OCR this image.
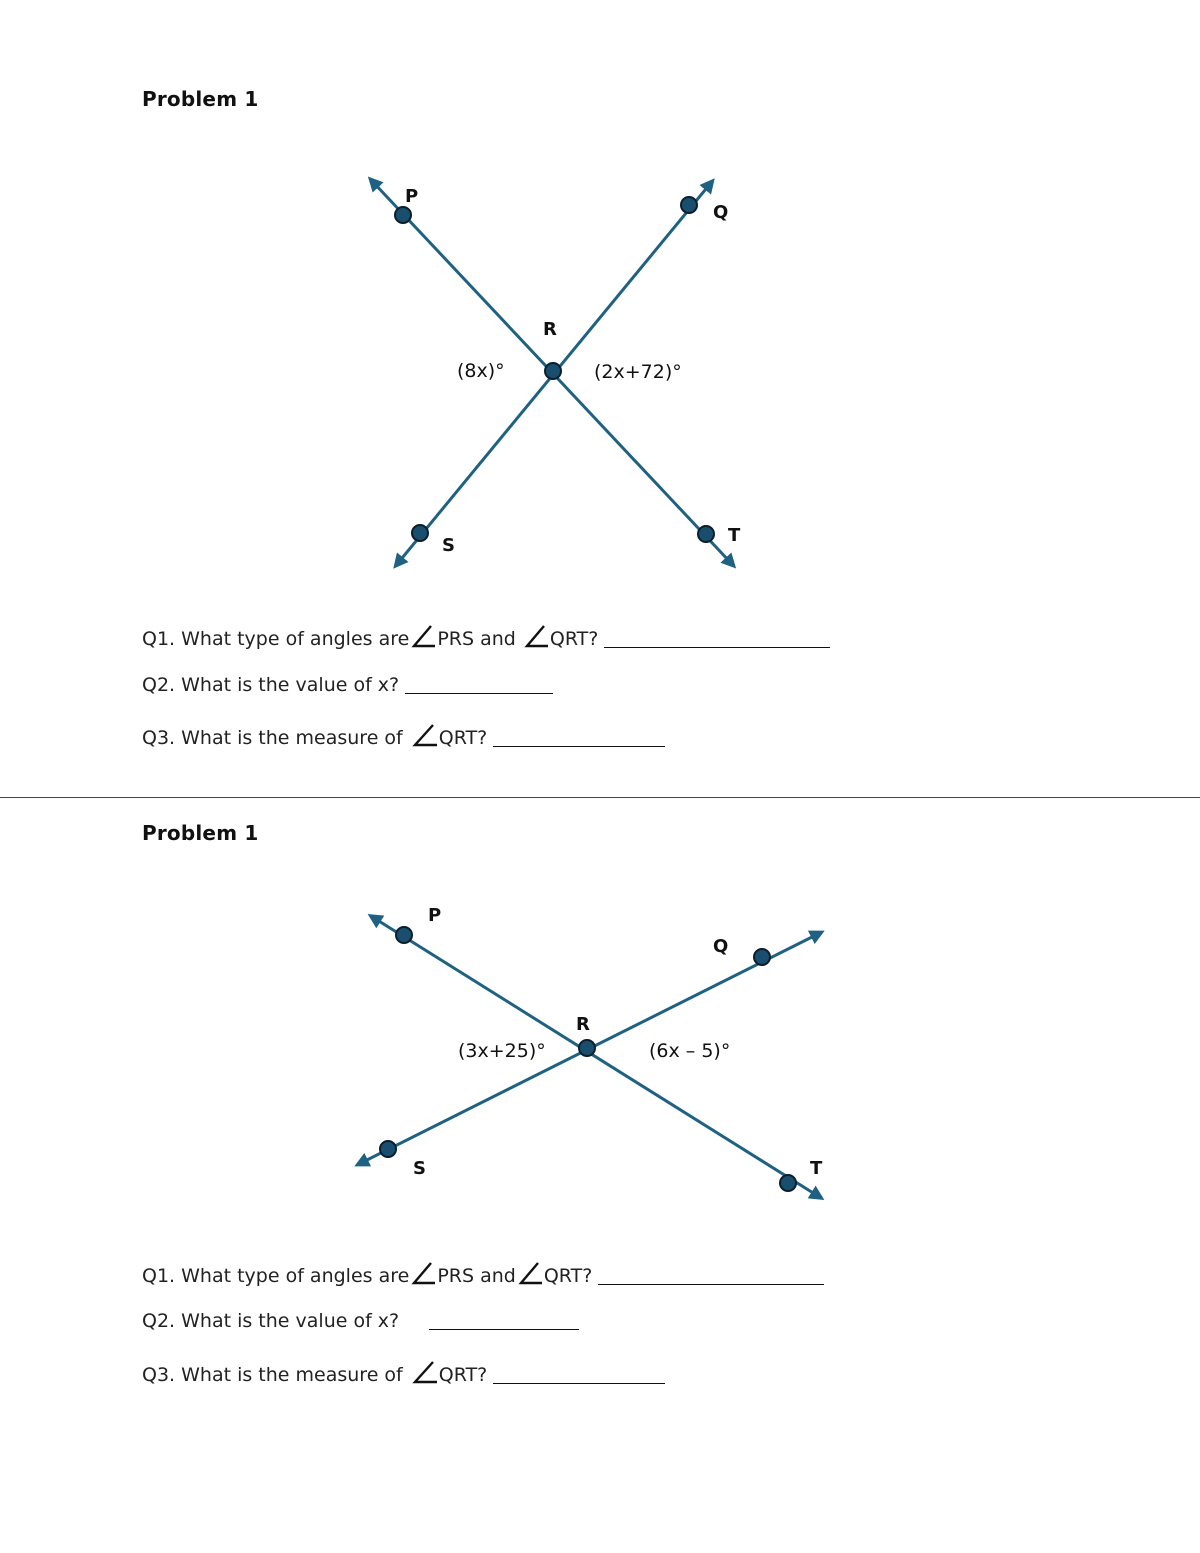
Problem 1
P
Q
R
S	T
(8x)°	(2x+72)°
Q1. What type of angles are PRS and QRT?
Q2. What is the value of x?
Q3. What is the measure of QRT?
Problem 1
P
Q
R
S	T
(3x+25)°	(6x – 5)°
Q1. What type of angles are PRS and QRT?
Q2. What is the value of x?
Q3. What is the measure of QRT?
